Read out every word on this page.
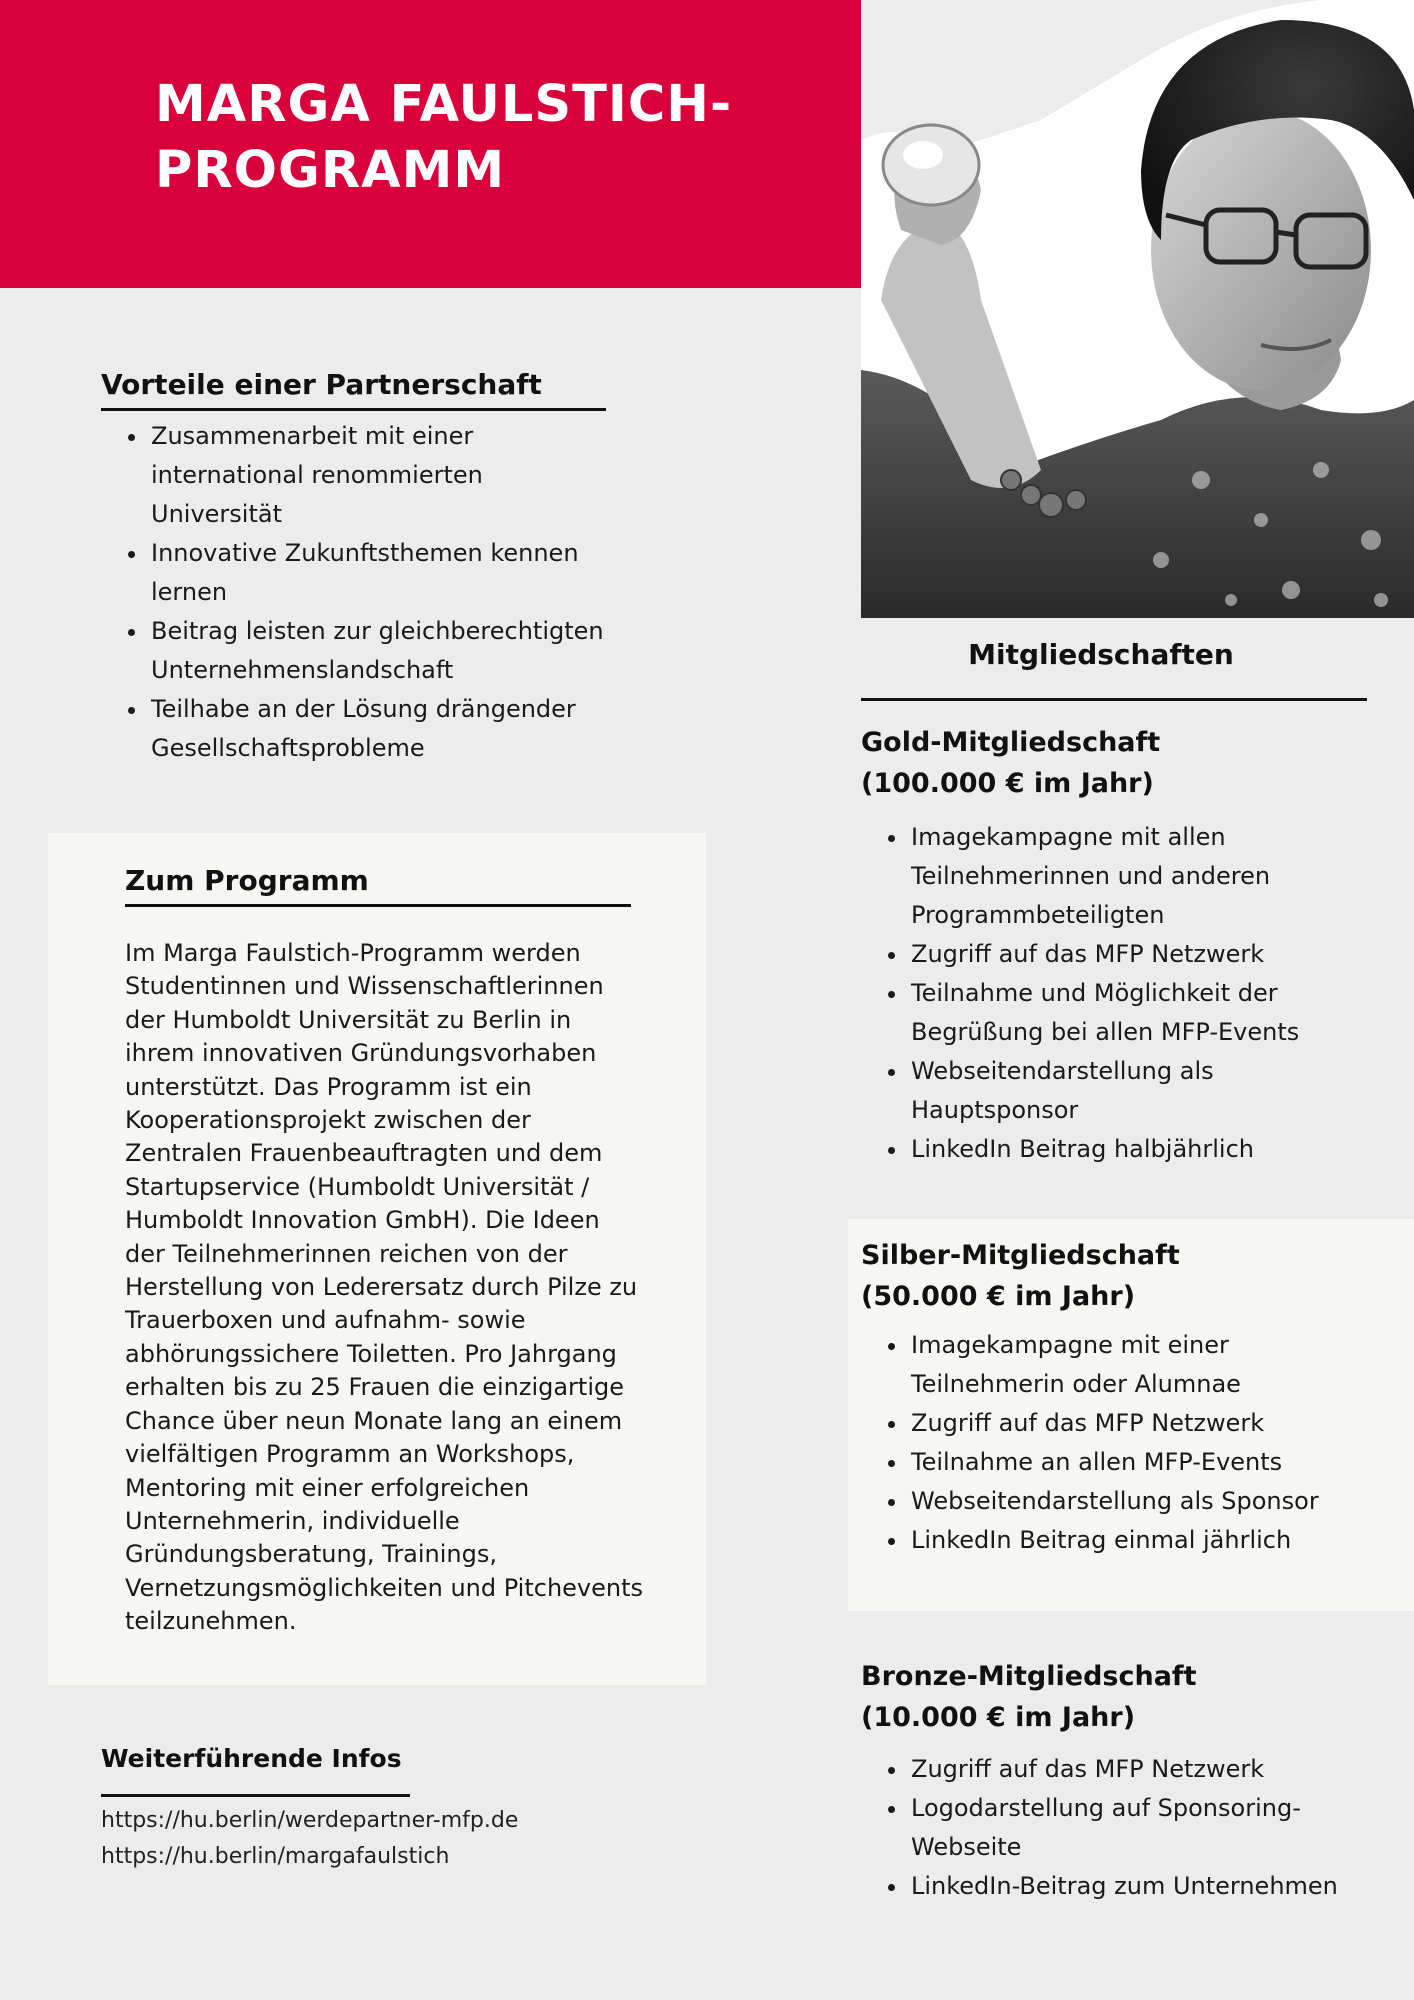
MARGA FAULSTICH-
PROGRAMM
Vorteile einer Partnerschaft
• Zusammenarbeit mit einer international renommierten Universität
• Innovative Zukunftsthemen kennen lernen
• Beitrag leisten zur gleichberechtigten Unternehmenslandschaft
• Teilhabe an der Lösung drängender Gesellschaftsprobleme
Zum Programm

Im Marga Faulstich-Programm werden Studentinnen und Wissenschaftlerinnen der Humboldt Universität zu Berlin in ihrem innovativen Gründungsvorhaben unterstützt. Das Programm ist ein Kooperationsprojekt zwischen der Zentralen Frauenbeauftragten und dem Startupservice (Humboldt Universität / Humboldt Innovation GmbH). Die Ideen der Teilnehmerinnen reichen von der Herstellung von Lederersatz durch Pilze zu Trauerboxen und aufnahm- sowie abhörungssichere Toiletten. Pro Jahrgang erhalten bis zu 25 Frauen die einzigartige Chance über neun Monate lang an einem vielfältigen Programm an Workshops, Mentoring mit einer erfolgreichen Unternehmerin, individuelle Gründungsberatung, Trainings, Vernetzungsmöglichkeiten und Pitchevents teilzunehmen.

Weiterführende Infos
https://hu.berlin/werdepartner-mfp.de
https://hu.berlin/margafaulstich
Mitgliedschaften
Gold-Mitgliedschaft
(100.000 € im Jahr)
• Imagekampagne mit allen Teilnehmerinnen und anderen Programmbeteiligten
• Zugriff auf das MFP Netzwerk
• Teilnahme und Möglichkeit der Begrüßung bei allen MFP-Events
• Webseitendarstellung als Hauptsponsor
• LinkedIn Beitrag halbjährlich
Silber-Mitgliedschaft
(50.000 € im Jahr)
• Imagekampagne mit einer Teilnehmerin oder Alumnae
• Zugriff auf das MFP Netzwerk
• Teilnahme an allen MFP-Events
• Webseitendarstellung als Sponsor
• LinkedIn Beitrag einmal jährlich
Bronze-Mitgliedschaft
(10.000 € im Jahr)
• Zugriff auf das MFP Netzwerk
• Logodarstellung auf Sponsoring-Webseite
• LinkedIn-Beitrag zum Unternehmen
